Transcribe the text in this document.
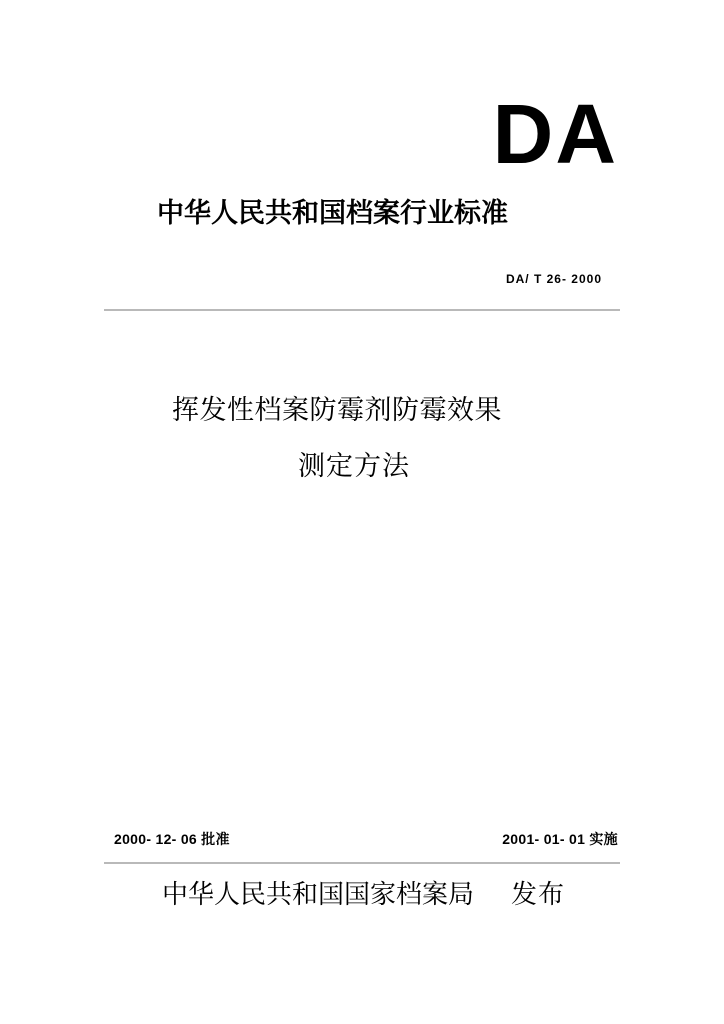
DA
中华人民共和国档案行业标准
DA/ T 26- 2000
挥发性档案防霉剂防霉效果
测定方法
2000- 12- 06 批准	2001- 01- 01 实施
中华人民共和国国家档案局 发布
